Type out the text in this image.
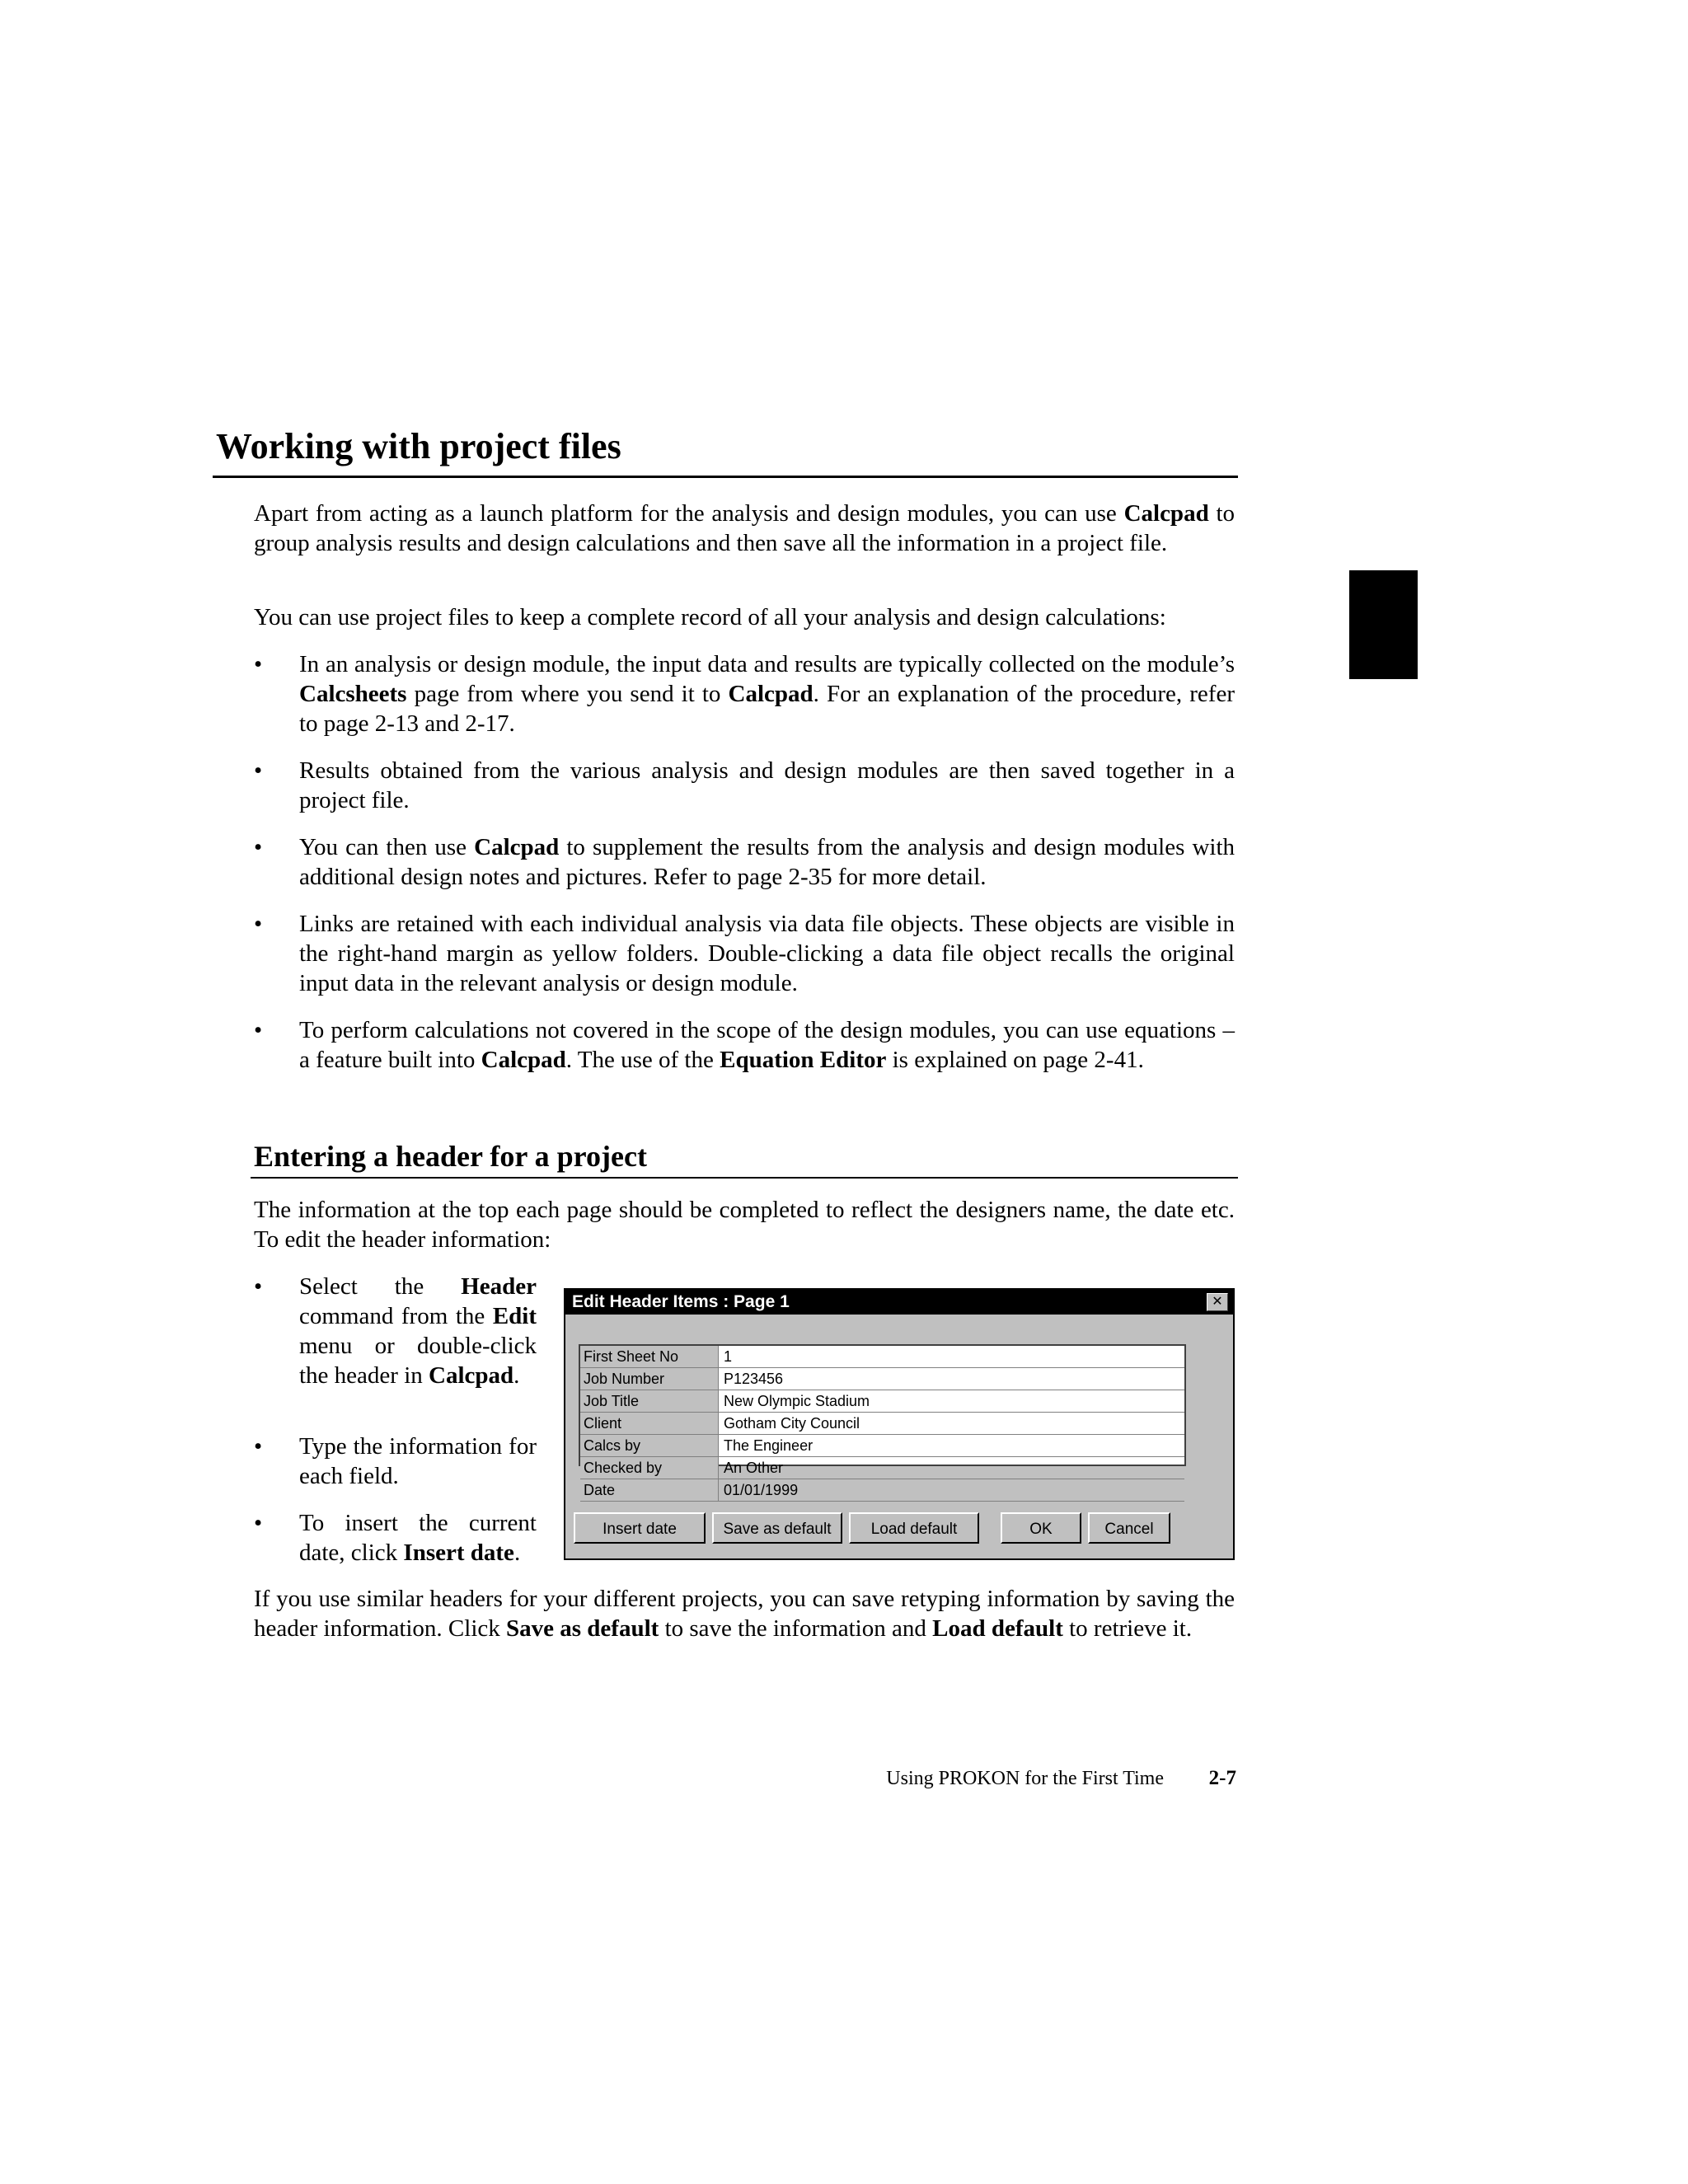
Working with project files
Apart from acting as a launch platform for the analysis and design modules, you can use Calcpad to group analysis results and design calculations and then save all the information in a project file.
You can use project files to keep a complete record of all your analysis and design calculations:
•	In an analysis or design module, the input data and results are typically collected on the module’s Calcsheets page from where you send it to Calcpad. For an explanation of the procedure, refer to page 2-13 and 2-17.
•	Results obtained from the various analysis and design modules are then saved together in a project file.
•	You can then use Calcpad to supplement the results from the analysis and design modules with additional design notes and pictures. Refer to page 2-35 for more detail.
•	Links are retained with each individual analysis via data file objects. These objects are visible in the right-hand margin as yellow folders. Double-clicking a data file object recalls the original input data in the relevant analysis or design module.
•	To perform calculations not covered in the scope of the design modules, you can use equations – a feature built into Calcpad. The use of the Equation Editor is explained on page 2-41.
Entering a header for a project
The information at the top each page should be completed to reflect the designers name, the date etc. To edit the header information:
•	Select the Header command from the Edit menu or double-click the header in Calcpad.
•	Type the information for each field.
•	To insert the current date, click Insert date.
Edit Header Items : Page 1	✕
First Sheet No	1
Job Number	P123456
Job Title	New Olympic Stadium
Client	Gotham City Council
Calcs by	The Engineer
Checked by	An Other
Date	01/01/1999
Insert date	Save as default	Load default	OK	Cancel
If you use similar headers for your different projects, you can save retyping information by saving the header information. Click Save as default to save the information and Load default to retrieve it.
Using PROKON for the First Time	2-7
